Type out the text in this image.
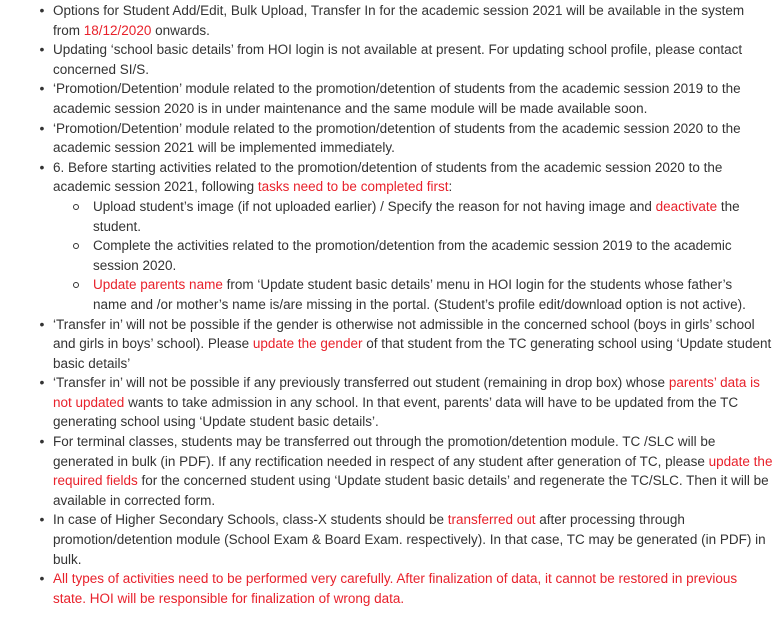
•
Options for Student Add/Edit, Bulk Upload, Transfer In for the academic session 2021 will be available in the system from 18/12/2020 onwards.
•
Updating ‘school basic details’ from HOI login is not available at present. For updating school profile, please contact concerned SI/S.
•
‘Promotion/Detention’ module related to the promotion/detention of students from the academic session 2019 to the academic session 2020 is in under maintenance and the same module will be made available soon.
•
‘Promotion/Detention’ module related to the promotion/detention of students from the academic session 2020 to the academic session 2021 will be implemented immediately.
•
6. Before starting activities related to the promotion/detention of students from the academic session 2020 to the academic session 2021, following tasks need to be completed first:
Upload student’s image (if not uploaded earlier) / Specify the reason for not having image and deactivate the student.
Complete the activities related to the promotion/detention from the academic session 2019 to the academic session 2020.
Update parents name from ‘Update student basic details’ menu in HOI login for the students whose father’s name and /or mother’s name is/are missing in the portal. (Student’s profile edit/download option is not active).
•
‘Transfer in’ will not be possible if the gender is otherwise not admissible in the concerned school (boys in girls’ school and girls in boys’ school). Please update the gender of that student from the TC generating school using ‘Update student basic details’
•
‘Transfer in’ will not be possible if any previously transferred out student (remaining in drop box) whose parents’ data is not updated wants to take admission in any school. In that event, parents’ data will have to be updated from the TC generating school using ‘Update student basic details’.
•
For terminal classes, students may be transferred out through the promotion/detention module. TC /SLC will be generated in bulk (in PDF). If any rectification needed in respect of any student after generation of TC, please update the required fields for the concerned student using ‘Update student basic details’ and regenerate the TC/SLC. Then it will be available in corrected form.
•
In case of Higher Secondary Schools, class-X students should be transferred out after processing through promotion/detention module (School Exam & Board Exam. respectively). In that case, TC may be generated (in PDF) in bulk.
•
All types of activities need to be performed very carefully. After finalization of data, it cannot be restored in previous state. HOI will be responsible for finalization of wrong data.
